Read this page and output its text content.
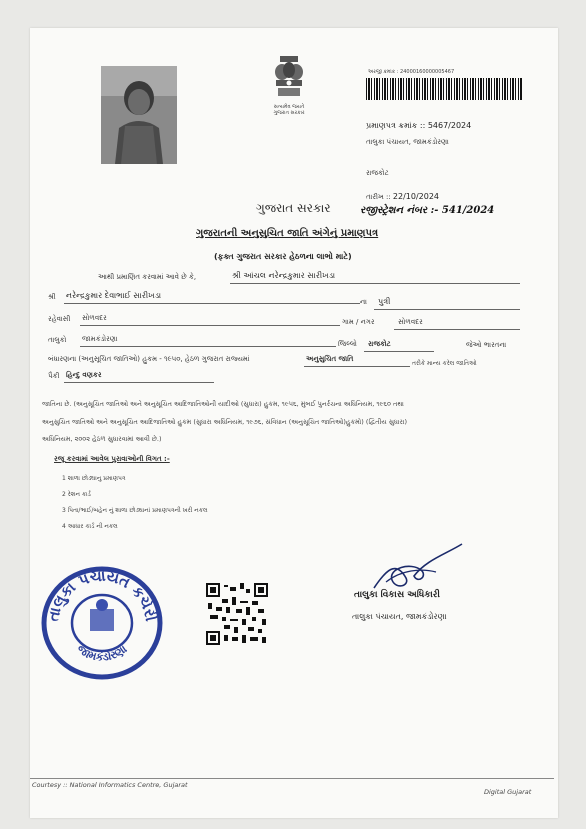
સત્યમેવ જયતે
ગુજરાત સરકાર
અરજી ક્રમાંક : 24000160000005467
પ્રમાણપત્ર ક્રમાંક :: 5467/2024
તાલુકા પંચાયત, જામકંડોરણા
રાજકોટ
તારીખ :: 22/10/2024
ગુજરાત સરકાર	રજીસ્ટ્રેશન નંબર :- 541/2024
ગુજરાતની અનુસુચિત જાતિ અંગેનું પ્રમાણપત્ર
(ફક્ત ગુજરાત સરકાર હેઠળના લાભો માટે)
આથી પ્રમાણિત કરવામાં આવે છે કે,	શ્રી આંચલ નરેન્દ્રકુમાર સારીખડા
શ્રી નરેન્દ્રકુમાર દેવાભાઈ સારીખડા
ના પુત્રી
રહેવાસી સોળવદર	ગામ / નગર	સોળવદર
તાલુકો જામકંડોરણા
જિલ્લો રાજકોટ	જેઓ ભારતના
બંધારણના (અનુસૂચિત જાતિઓ) હુકમ - ૧૯૫૦, હેઠળ ગુજરાત રાજ્યમાં	અનુસુચિત જાતિ
તરીકે માન્ય કરેલ જાતિઓ
પૈકી હિન્દુ વણકર
જાતિના છે. (અનુસૂચિત જાતિઓ અને અનુસૂચિત આદિજાતિઓની યાદીઓ (સુધારા) હુકમ, ૧૯૫૬, મુંબઈ પુનર્રચના અધિનિયમ, ૧૯૬૦ તથા
અનુસુચિત જાતિઓ અને અનુસૂચિત આદિજાતિઓ હુકમ (સુધારા અધિનિયમ, ૧૯૭૬, સંવિધાન (અનુસૂચિત જાતિઓ)હુકમો) (દ્વિતીય સુધારા)
અધિનિયમ, ૨૦૦૨ હેઠળ સુધારવામાં આવી છે.)
રજૂ કરવામાં આવેલ પુરાવાઓની વિગત :-
1 શાળા છોડ્યાનુ પ્રમાણપત્ર
2 રેશન કાર્ડ
3 પિતા/ભાઈ/બહેન નું શાળા છોડ્યાનાં પ્રમાણપત્રની ખરી નકલ
4 આધાર કાર્ડ ની નકલ
તાલુકા પંચાયત કચેરી
જામકંડોરણા
તાલુકા વિકાસ અધિકારી
તાલુકા પંચાયત, જામકંડોરણા
Courtesy :: National Informatics Centre, Gujarat
Digital Gujarat
